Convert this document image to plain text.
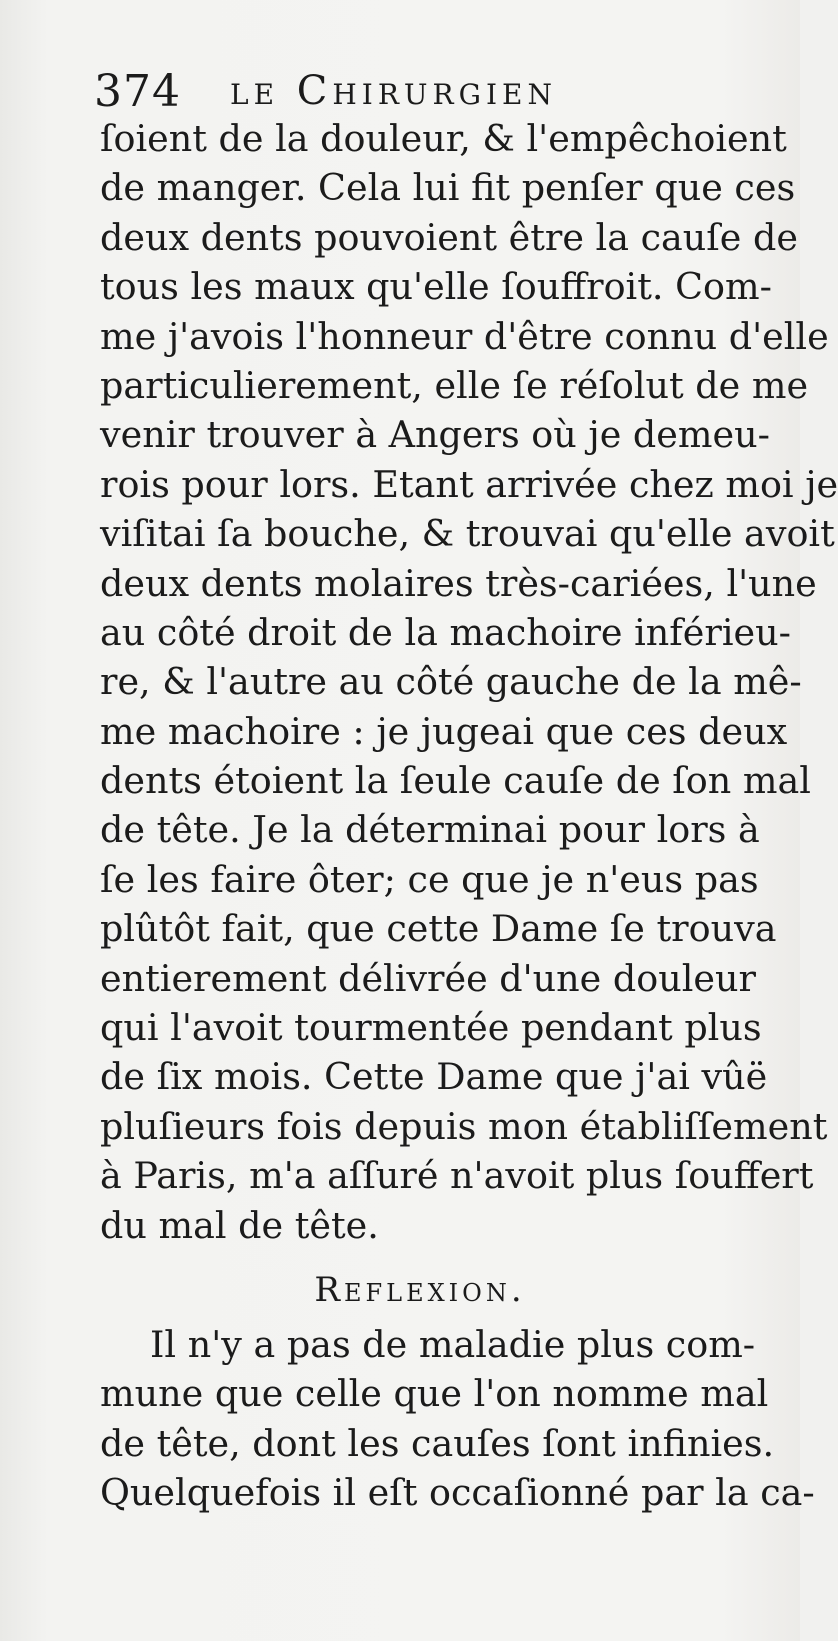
374 le Chirurgien
ſoient de la douleur, & l'empêchoient
de manger. Cela lui fit penſer que ces
deux dents pouvoient être la cauſe de
tous les maux qu'elle ſouffroit. Com-
me j'avois l'honneur d'être connu d'elle
particulierement, elle ſe réſolut de me
venir trouver à Angers où je demeu-
rois pour lors. Etant arrivée chez moi je
viſitai ſa bouche, & trouvai qu'elle avoit
deux dents molaires très-cariées, l'une
au côté droit de la machoire inférieu-
re, & l'autre au côté gauche de la mê-
me machoire : je jugeai que ces deux
dents étoient la ſeule cauſe de ſon mal
de tête. Je la déterminai pour lors à
ſe les faire ôter; ce que je n'eus pas
plûtôt fait, que cette Dame ſe trouva
entierement délivrée d'une douleur
qui l'avoit tourmentée pendant plus
de ſix mois. Cette Dame que j'ai vûë
pluſieurs fois depuis mon établiſſement
à Paris, m'a aſſuré n'avoit plus ſouffert
du mal de tête.
Reflexion.
Il n'y a pas de maladie plus com-
mune que celle que l'on nomme mal
de tête, dont les cauſes ſont infinies.
Quelquefois il eſt occaſionné par la ca-
